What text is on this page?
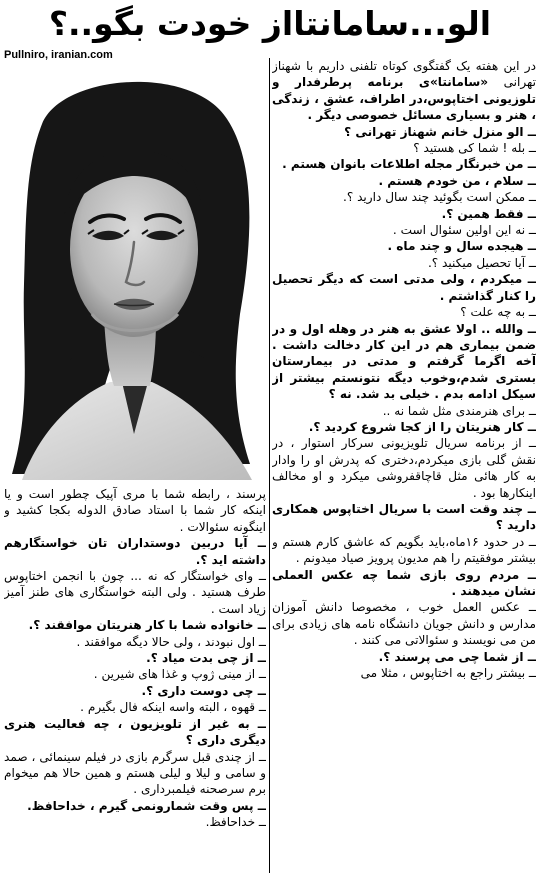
الو...سامانتااز خودت بگو..؟
Pullniro, iranian.com

در این هفته یک گفتگوی کوتاه تلفنی داریم با شهناز تهرانی «سامانتا»ی برنامه پرطرفدار و تلوزیونی اختاپوس،در اطراف، عشق ، زندگی ، هنر و بسیاری مسائل خصوصی دیگر .

ــ الو منزل خانم شهناز تهرانی ؟

ــ بله ! شما کی هستید ؟

ــ من خبرنگار مجله اطلاعات بانوان هستم .

ــ سلام ، من خودم هستم .

ــ ممکن است بگوئید چند سال دارید ؟.

ــ فقط همین ؟.

ــ نه این اولین سئوال است .

ــ هیجده سال و چند ماه .

ــ آیا تحصیل میکنید ؟.

ــ میکردم ، ولی مدتی است که دیگر تحصیل را کنار گذاشتم .

ــ به چه علت ؟

ــ والله .. اولا عشق به هنر در وهله اول و در ضمن بیماری هم در این کار دخالت داشت . آخه اگرما گرفتم و مدتی در بیمارستان بستری شدم،وخوب دیگه نتونستم بیشتر از سیکل ادامه بدم . خیلی بد شد. نه ؟

ــ برای هنرمندی مثل شما نه ..

ــ کار هنریتان را از کجا شروع کردید ؟.

ــ از برنامه سریال تلویزیونی سرکار استوار ، در نقش گلی بازی میکردم،دختری که پدرش او را وادار به کار هائی مثل قاچاقفروشی میکرد و او مخالف اینکارها بود .

ــ چند وقت است با سریال اختاپوس همکاری دارید ؟

ــ در حدود ۱۶ماه،باید بگویم که عاشق کارم هستم و بیشتر موفقیتم را هم مدیون پرویز صیاد میدونم .

ــ مردم روی بازی شما چه عکس العملی نشان میدهند .

ــ عکس العمل خوب ، مخصوصا دانش آموزان مدارس و دانش جویان دانشگاه نامه های زیادی برای من می نویسند و سئوالاتی می کنند .

ــ از شما چی می پرسند ؟.

ــ بیشتر راجع به اختاپوس ، مثلا می

پرسند ، رابطه شما با مری آپیک چطور است و یا اینکه کار شما با استاد صادق الدوله بکجا کشید و اینگونه سئوالات .

ــ آیا دربین دوستداران تان خواستگارهم داشته اید ؟.

ــ وای خواستگار که نه ... چون با انجمن اختاپوس طرف هستید . ولی البته خواستگاری های طنز آمیز زیاد است .

ــ خانواده شما با کار هنریتان موافقند ؟.

ــ اول نبودند ، ولی حالا دیگه موافقند .

ــ از چی بدت میاد ؟.

ــ از مینی ژوپ و غذا های شیرین .

ــ چی دوست داری ؟.

ــ قهوه ، البته واسه اینکه فال بگیرم .

ــ به غیر از تلویزیون ، چه فعالیت هنری دیگری داری ؟

ــ از چندی قبل سرگرم بازی در فیلم سینمائی ، صمد و سامی و لیلا و لیلی هستم و همین حالا هم میخوام برم سرصحنه فیلمبرداری .

ــ پس وقت شمارونمی گیرم ، خداحافظ.

ــ خداحافظ.
